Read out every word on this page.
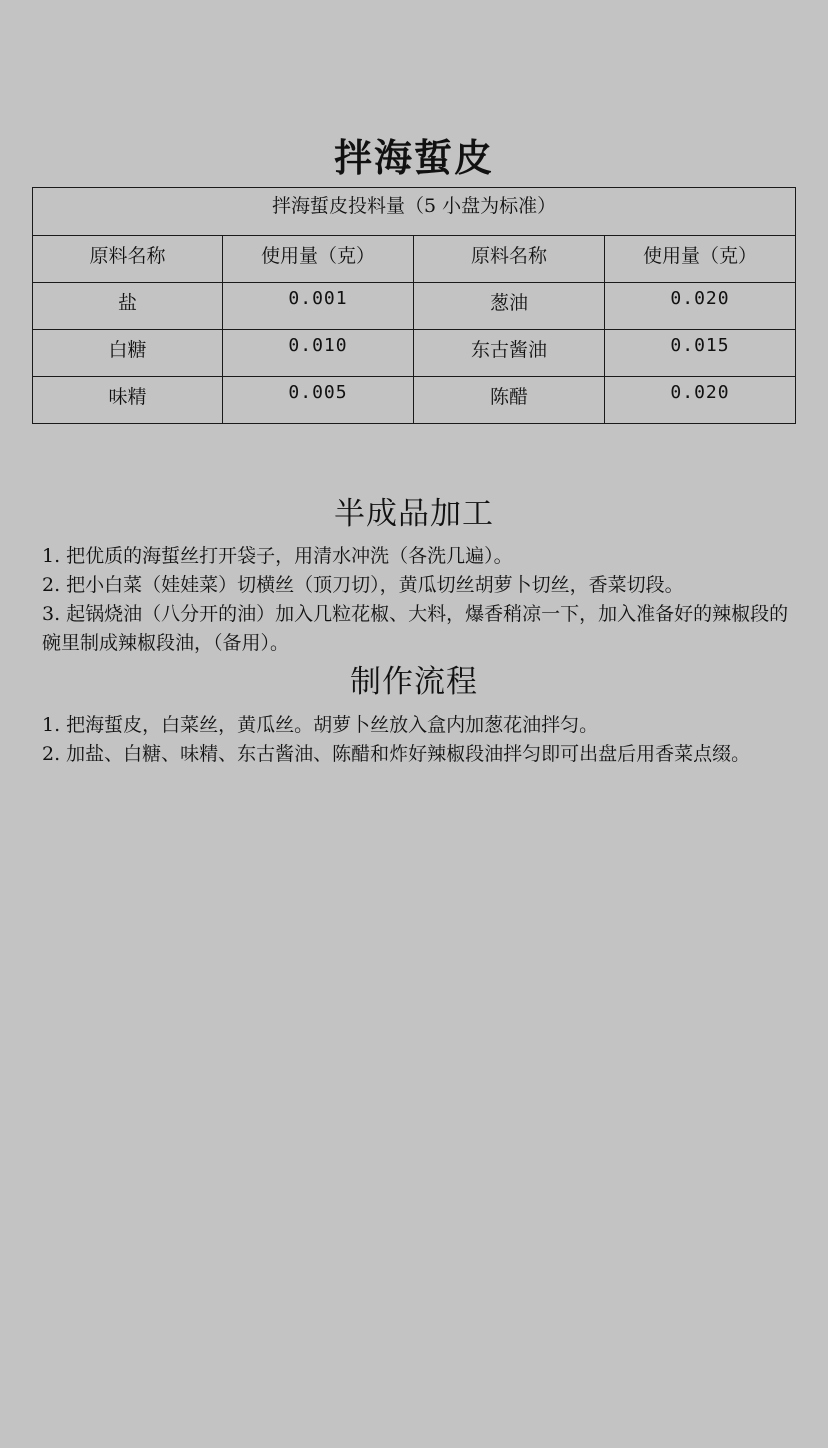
拌海蜇皮
拌海蜇皮投料量（5 小盘为标准）			
原料名称	使用量（克）	原料名称	使用量（克）
盐	0.001	葱油	0.020
白糖	0.010	东古酱油	0.015
味精	0.005	陈醋	0.020
半成品加工
1. 把优质的海蜇丝打开袋子，用清水冲洗（各洗几遍）。
2. 把小白菜（娃娃菜）切横丝（顶刀切），黄瓜切丝胡萝卜切丝，香菜切段。
3. 起锅烧油（八分开的油）加入几粒花椒、大料，爆香稍凉一下，加入准备好的辣椒段的碗里制成辣椒段油，（备用）。
制作流程
1. 把海蜇皮，白菜丝，黄瓜丝。胡萝卜丝放入盒内加葱花油拌匀。
2. 加盐、白糖、味精、东古酱油、陈醋和炸好辣椒段油拌匀即可出盘后用香菜点缀。
